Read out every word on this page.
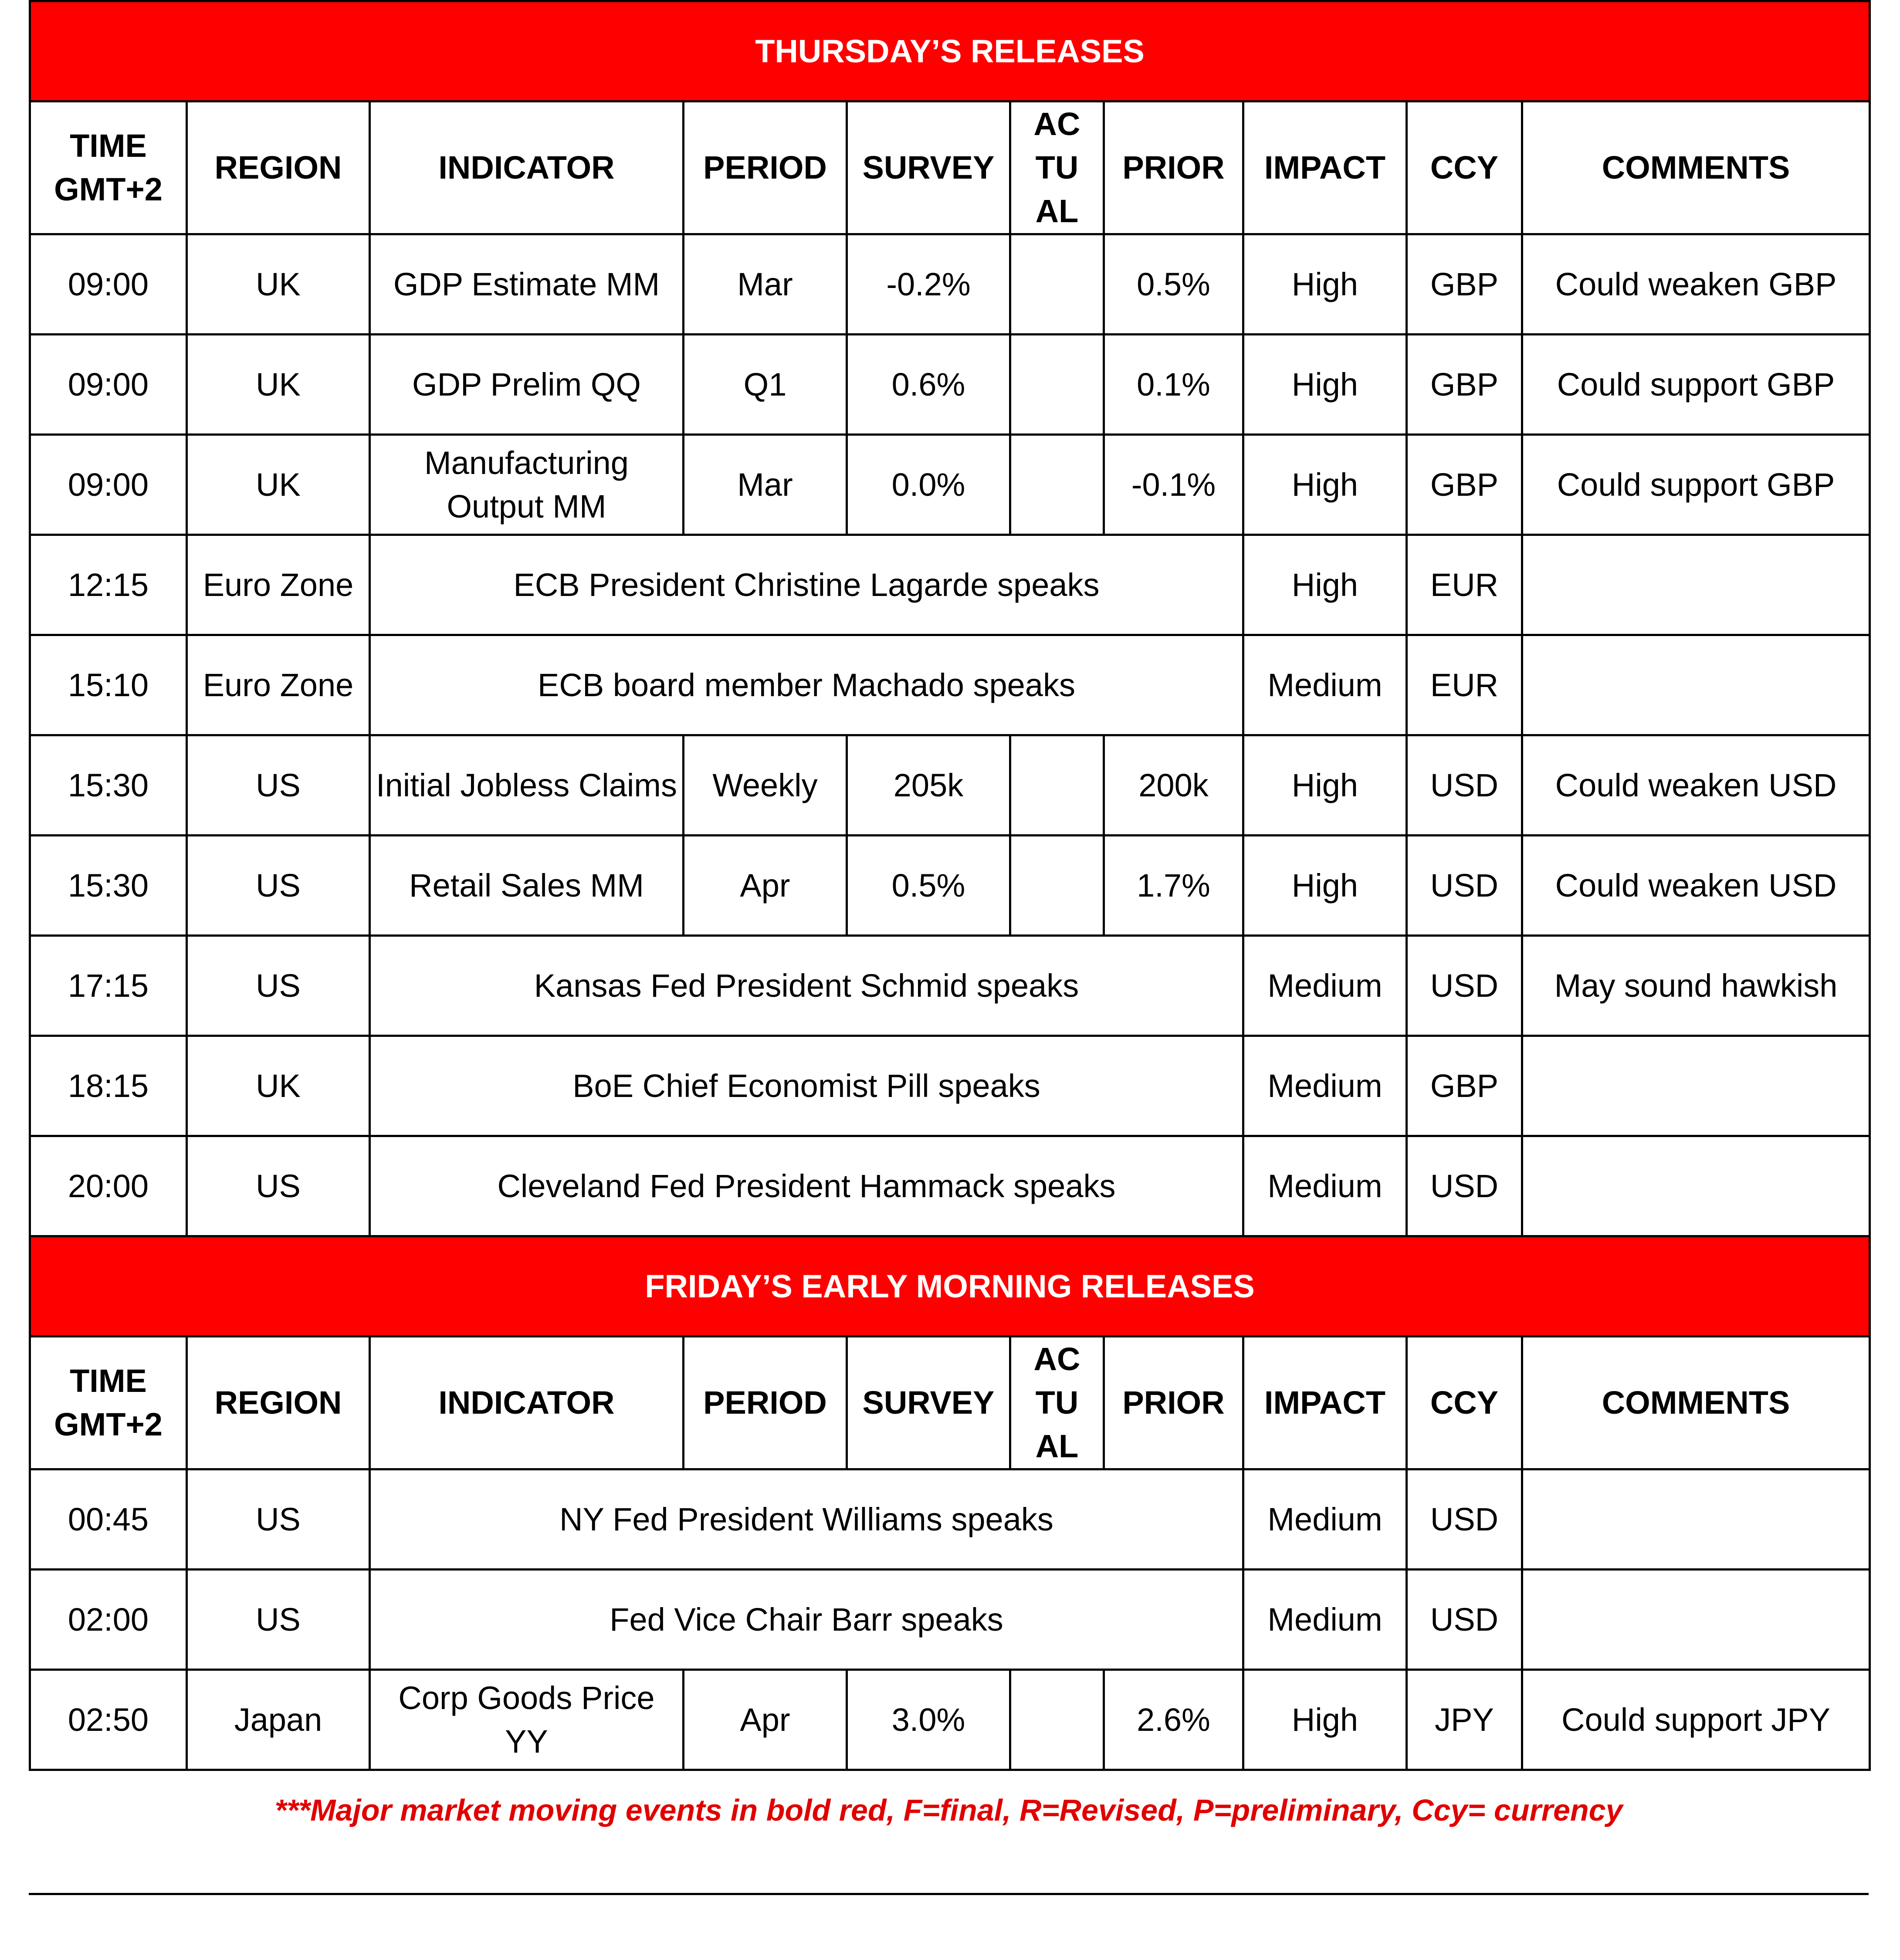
THURSDAY’S RELEASES									
TIME GMT+2	REGION	INDICATOR	PERIOD	SURVEY	AC TU AL	PRIOR	IMPACT	CCY	COMMENTS
09:00	UK	GDP Estimate MM	Mar	-0.2%		0.5%	High	GBP	Could weaken GBP
09:00	UK	GDP Prelim QQ	Q1	0.6%		0.1%	High	GBP	Could support GBP
09:00	UK	Manufacturing Output MM	Mar	0.0%		-0.1%	High	GBP	Could support GBP
12:15	Euro Zone	ECB President Christine Lagarde speaks					High	EUR	
15:10	Euro Zone	ECB board member Machado speaks					Medium	EUR	
15:30	US	Initial Jobless Claims	Weekly	205k		200k	High	USD	Could weaken USD
15:30	US	Retail Sales MM	Apr	0.5%		1.7%	High	USD	Could weaken USD
17:15	US	Kansas Fed President Schmid speaks					Medium	USD	May sound hawkish
18:15	UK	BoE Chief Economist Pill speaks					Medium	GBP	
20:00	US	Cleveland Fed President Hammack speaks					Medium	USD	
FRIDAY’S EARLY MORNING RELEASES									
TIME GMT+2	REGION	INDICATOR	PERIOD	SURVEY	AC TU AL	PRIOR	IMPACT	CCY	COMMENTS
00:45	US	NY Fed President Williams speaks					Medium	USD	
02:00	US	Fed Vice Chair Barr speaks					Medium	USD	
02:50	Japan	Corp Goods Price YY	Apr	3.0%		2.6%	High	JPY	Could support JPY
***Major market moving events in bold red, F=final, R=Revised, P=preliminary, Ccy= currency
